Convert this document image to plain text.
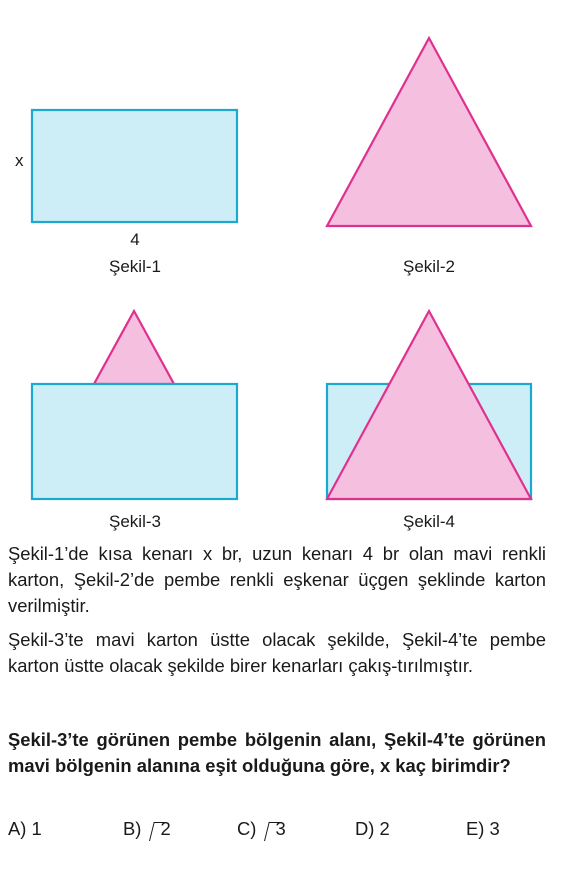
x
4
Şekil-1	Şekil-2
Şekil-3	Şekil-4

Şekil-1’de kısa kenarı x br, uzun kenarı 4 br olan mavi renkli karton, Şekil-2’de pembe renkli eşkenar üçgen şeklinde karton verilmiştir.

Şekil-3’te mavi karton üstte olacak şekilde, Şekil-4’te pembe karton üstte olacak şekilde birer kenarları çakış-tırılmıştır.

Şekil-3’te görünen pembe bölgenin alanı, Şekil-4’te görünen mavi bölgenin alanına eşit olduğuna göre, x kaç birimdir?

A) 1	B) 2	C) 3	D) 2	E) 3
